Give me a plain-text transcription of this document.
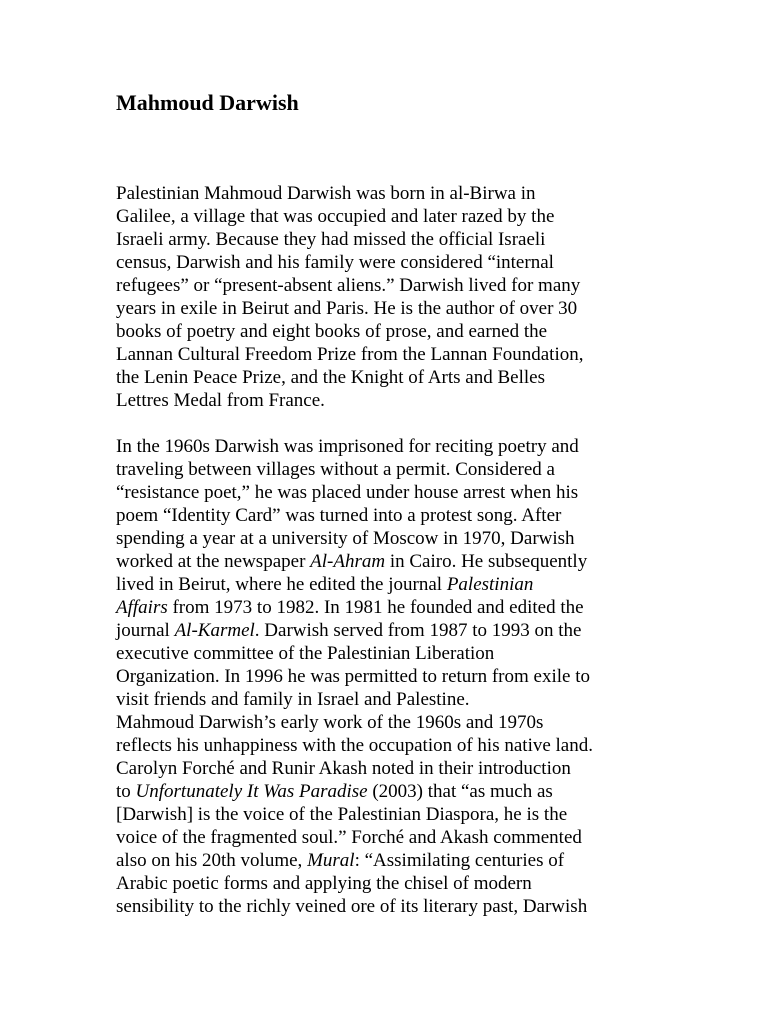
Mahmoud Darwish
Palestinian Mahmoud Darwish was born in al-Birwa in
Galilee, a village that was occupied and later razed by the
Israeli army. Because they had missed the official Israeli
census, Darwish and his family were considered “internal
refugees” or “present-absent aliens.” Darwish lived for many
years in exile in Beirut and Paris. He is the author of over 30
books of poetry and eight books of prose, and earned the
Lannan Cultural Freedom Prize from the Lannan Foundation,
the Lenin Peace Prize, and the Knight of Arts and Belles
Lettres Medal from France.
In the 1960s Darwish was imprisoned for reciting poetry and
traveling between villages without a permit. Considered a
“resistance poet,” he was placed under house arrest when his
poem “Identity Card” was turned into a protest song. After
spending a year at a university of Moscow in 1970, Darwish
worked at the newspaper Al-Ahram in Cairo. He subsequently
lived in Beirut, where he edited the journal Palestinian
Affairs from 1973 to 1982. In 1981 he founded and edited the
journal Al-Karmel. Darwish served from 1987 to 1993 on the
executive committee of the Palestinian Liberation
Organization. In 1996 he was permitted to return from exile to
visit friends and family in Israel and Palestine.
Mahmoud Darwish’s early work of the 1960s and 1970s
reflects his unhappiness with the occupation of his native land.
Carolyn Forché and Runir Akash noted in their introduction
to Unfortunately It Was Paradise (2003) that “as much as
[Darwish] is the voice of the Palestinian Diaspora, he is the
voice of the fragmented soul.” Forché and Akash commented
also on his 20th volume, Mural: “Assimilating centuries of
Arabic poetic forms and applying the chisel of modern
sensibility to the richly veined ore of its literary past, Darwish
